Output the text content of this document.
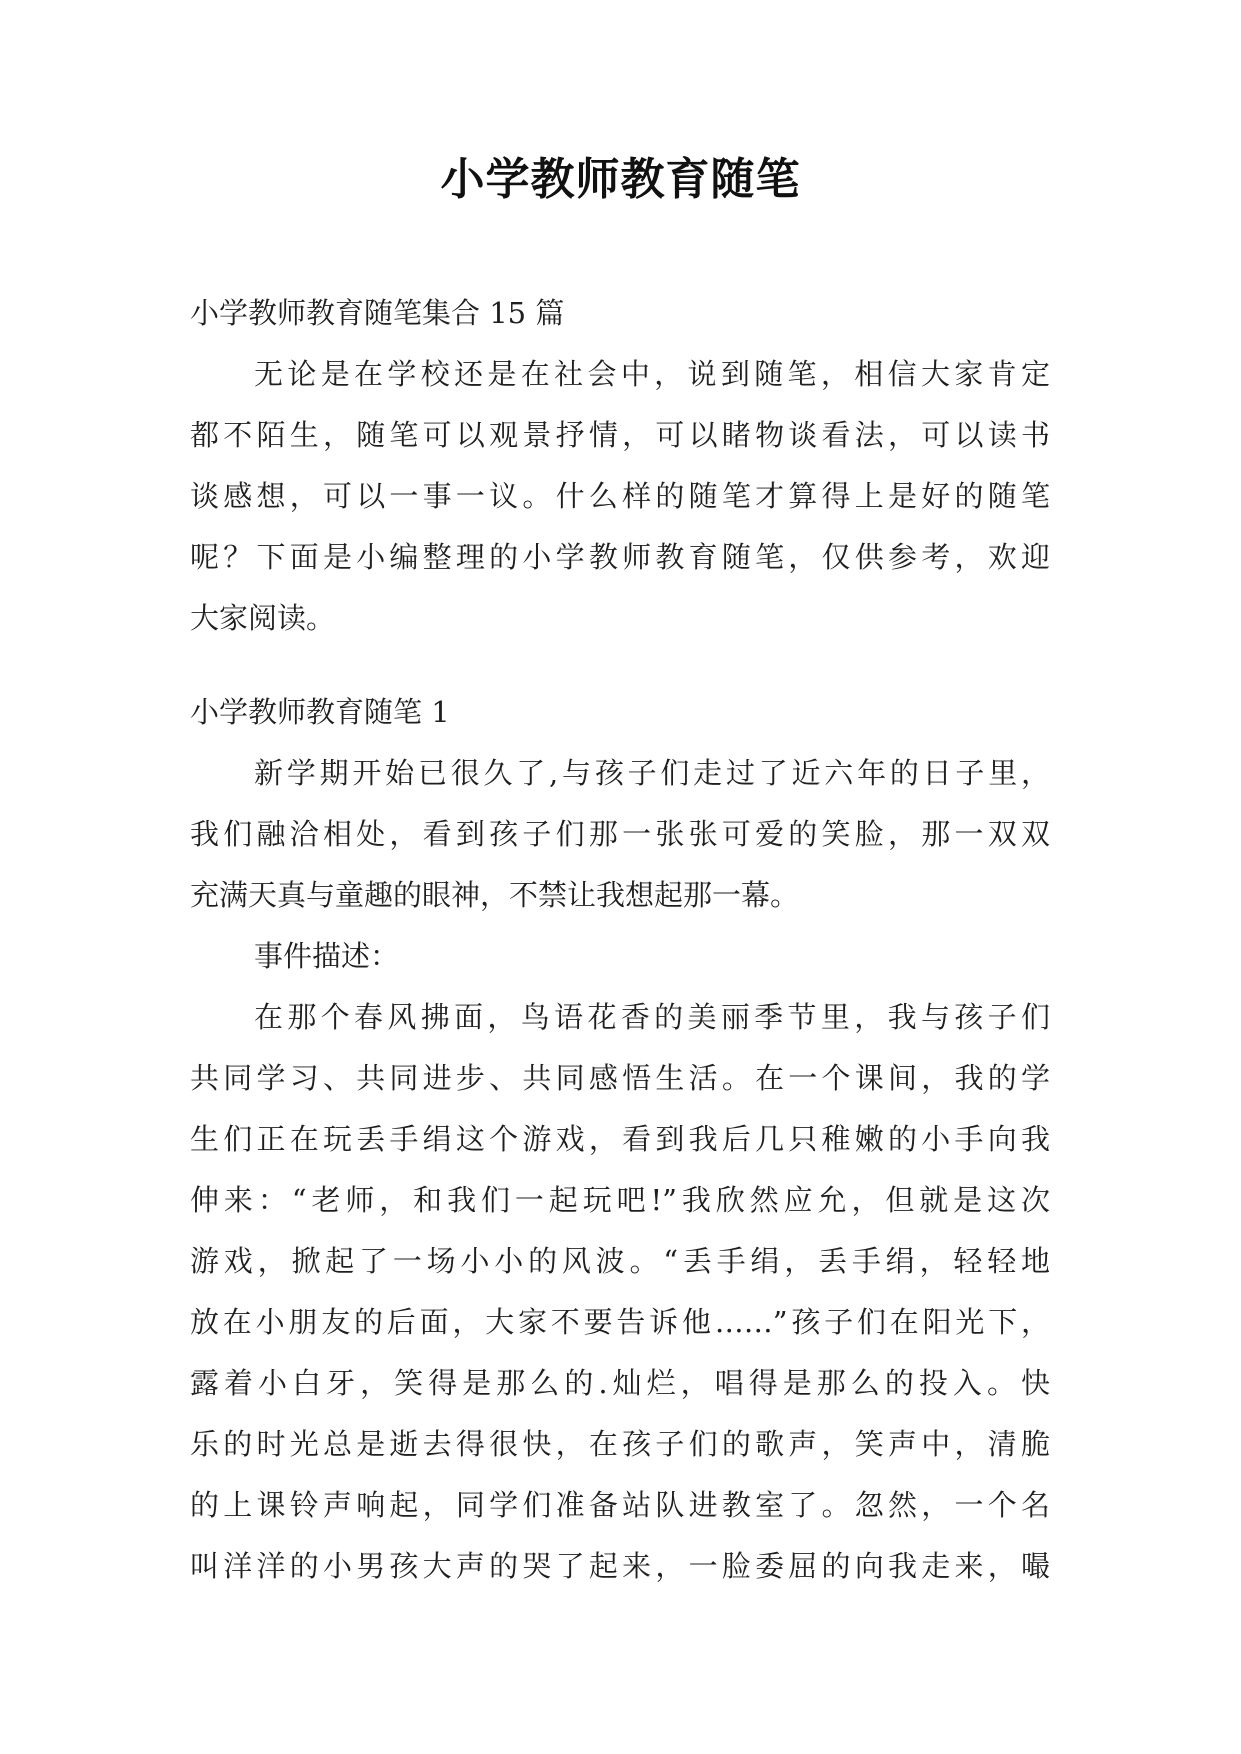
小学教师教育随笔
小学教师教育随笔集合 15 篇
无论是在学校还是在社会中，说到随笔，相信大家肯定
都不陌生，随笔可以观景抒情，可以睹物谈看法，可以读书
谈感想，可以一事一议。什么样的随笔才算得上是好的随笔
呢？下面是小编整理的小学教师教育随笔，仅供参考，欢迎
大家阅读。
小学教师教育随笔 1
新学期开始已很久了,与孩子们走过了近六年的日子里，
我们融洽相处，看到孩子们那一张张可爱的笑脸，那一双双
充满天真与童趣的眼神，不禁让我想起那一幕。
事件描述：
在那个春风拂面，鸟语花香的美丽季节里，我与孩子们
共同学习、共同进步、共同感悟生活。在一个课间，我的学
生们正在玩丢手绢这个游戏，看到我后几只稚嫩的小手向我
伸来：“老师，和我们一起玩吧!”我欣然应允，但就是这次
游戏，掀起了一场小小的风波。“丢手绢，丢手绢，轻轻地
放在小朋友的后面，大家不要告诉他……”孩子们在阳光下，
露着小白牙，笑得是那么的.灿烂，唱得是那么的投入。快
乐的时光总是逝去得很快，在孩子们的歌声，笑声中，清脆
的上课铃声响起，同学们准备站队进教室了。忽然，一个名
叫洋洋的小男孩大声的哭了起来，一脸委屈的向我走来，嘬
